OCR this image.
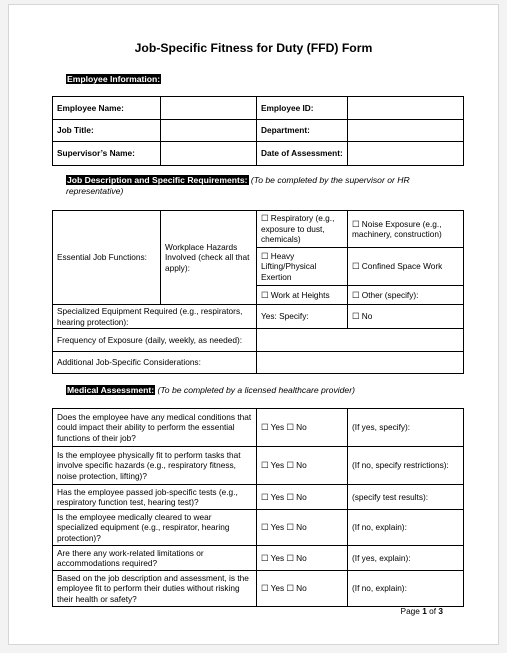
Job-Specific Fitness for Duty (FFD) Form
Employee Information:
Employee Name:		Employee ID:	
Job Title:		Department:	
Supervisor’s Name:		Date of Assessment:	
Job Description and Specific Requirements: (To be completed by the supervisor or HR representative)
Essential Job Functions:	Workplace Hazards Involved (check all that apply):	☐ Respiratory (e.g., exposure to dust, chemicals)	☐ Noise Exposure (e.g., machinery, construction)
		☐ Heavy Lifting/Physical Exertion	☐ Confined Space Work
		☐ Work at Heights	☐ Other (specify):
Specialized Equipment Required (e.g., respirators, hearing protection):		Yes: Specify:	☐ No
Frequency of Exposure (daily, weekly, as needed):			
Additional Job-Specific Considerations:			
Medical Assessment: (To be completed by a licensed healthcare provider)
Does the employee have any medical conditions that could impact their ability to perform the essential functions of their job?	☐ Yes ☐ No	(If yes, specify):
Is the employee physically fit to perform tasks that involve specific hazards (e.g., respiratory fitness, noise protection, lifting)?	☐ Yes ☐ No	(If no, specify restrictions):
Has the employee passed job-specific tests (e.g., respiratory function test, hearing test)?	☐ Yes ☐ No	(specify test results):
Is the employee medically cleared to wear specialized equipment (e.g., respirator, hearing protection)?	☐ Yes ☐ No	(If no, explain):
Are there any work-related limitations or accommodations required?	☐ Yes ☐ No	(If yes, explain):
Based on the job description and assessment, is the employee fit to perform their duties without risking their health or safety?	☐ Yes ☐ No	(If no, explain):
Page 1 of 3
